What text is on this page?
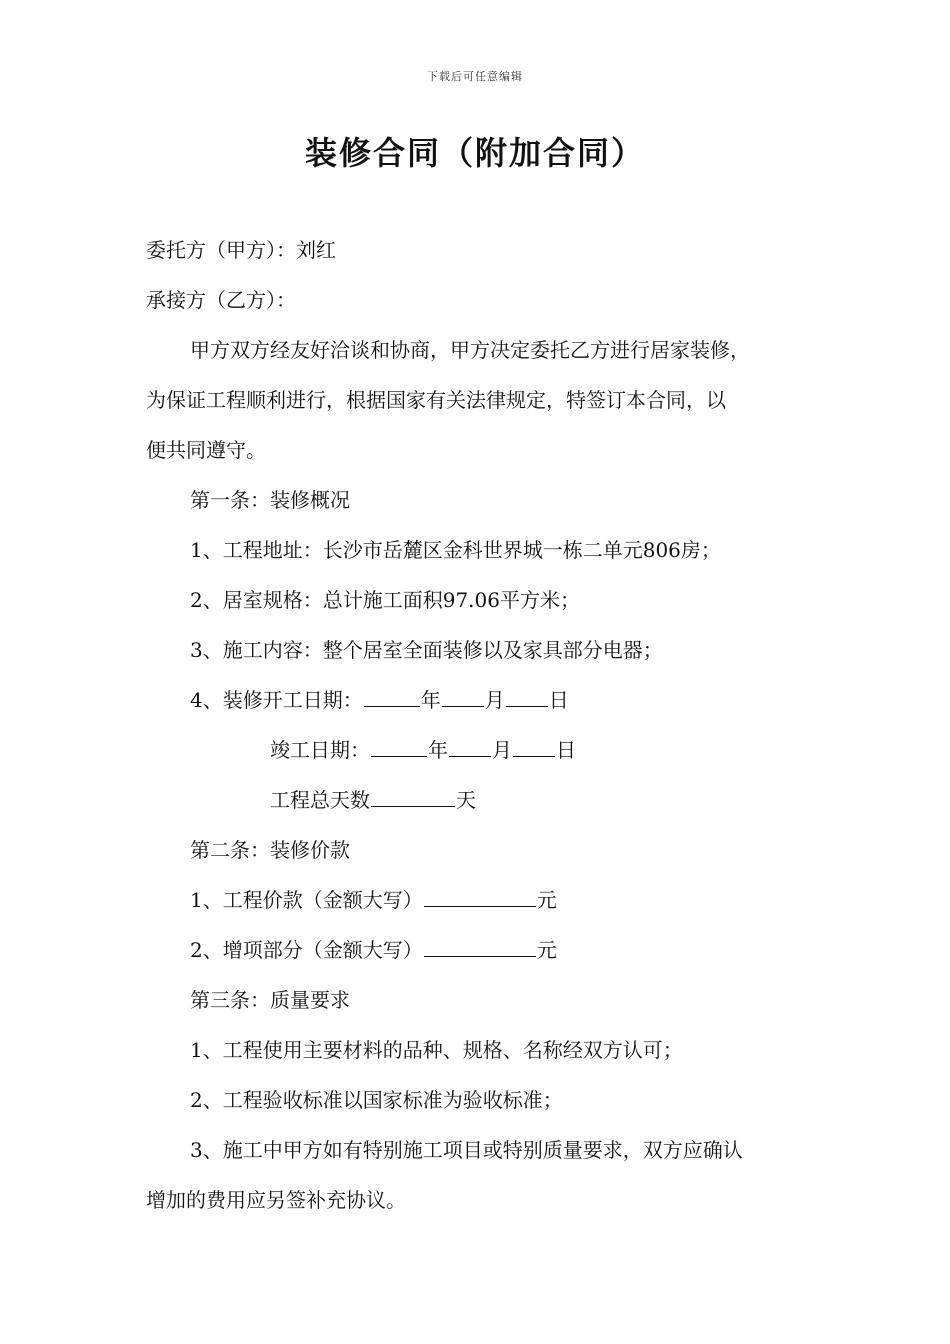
下载后可任意编辑
装修合同（附加合同）
委托方（甲方）：刘红
承接方（乙方）：
甲方双方经友好洽谈和协商，甲方决定委托乙方进行居家装修，
为保证工程顺利进行，根据国家有关法律规定，特签订本合同，以
便共同遵守。
第一条：装修概况
1、工程地址：长沙市岳麓区金科世界城一栋二单元806房；
2、居室规格：总计施工面积97.06平方米；
3、施工内容：整个居室全面装修以及家具部分电器；
4、装修开工日期：	年 月 日
竣工日期：	年 月 日
工程总天数	天
第二条：装修价款
1、工程价款（金额大写）	元
2、增项部分（金额大写）	元
第三条：质量要求
1、工程使用主要材料的品种、规格、名称经双方认可；
2、工程验收标准以国家标准为验收标准；
3、施工中甲方如有特别施工项目或特别质量要求，双方应确认
增加的费用应另签补充协议。
